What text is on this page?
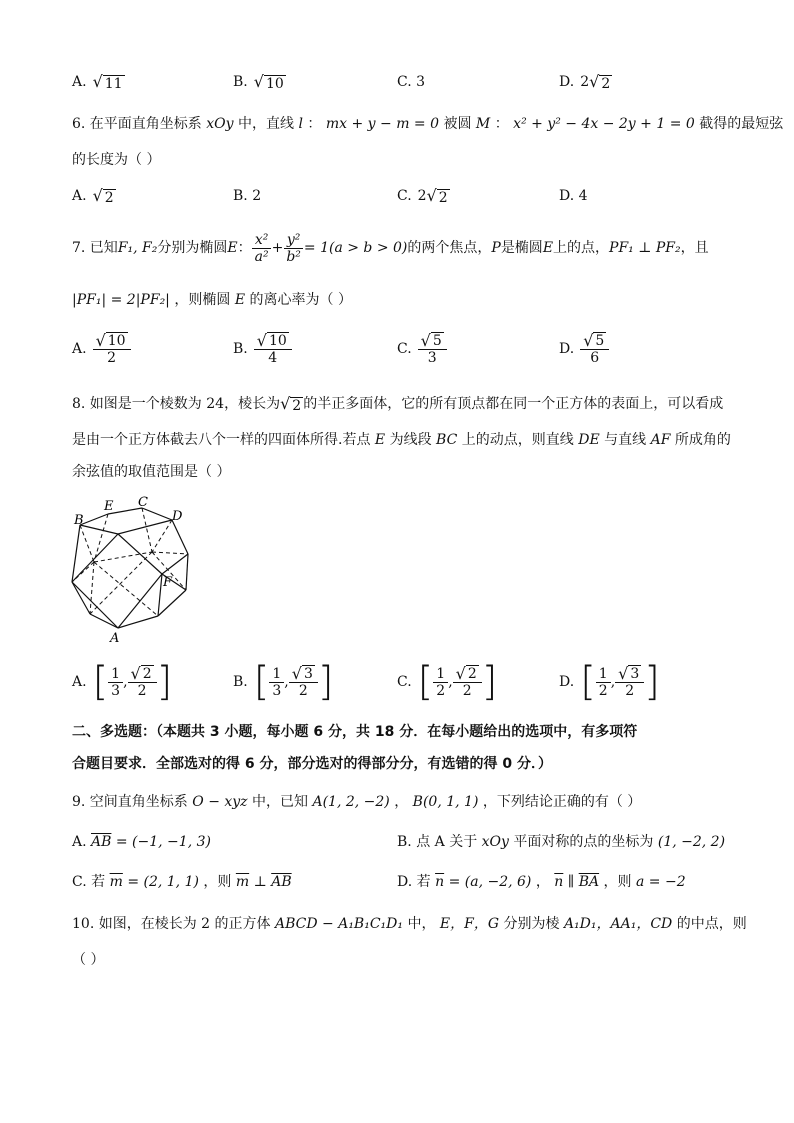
A. √ 11	B. √ 10	C. 3	D. 2 √ 2
6. 在平面直角坐标系 xOy 中，直线 l ： mx + y − m = 0 被圆 M ： x² + y² − 4x − 2y + 1 = 0 截得的最短弦
的长度为（ ）
A. √ 2	B. 2	C. 2 √ 2	D. 4
7. 已知 F₁, F₂ 分别为椭圆 E ： $\frac{\text{x²}}{\text{a²}} + \frac{\text{y²}}{\text{b²}} = 1(a > b > 0)$ 的两个焦点， P 是椭圆 E 上的点， PF₁ ⊥ PF₂ ，且
|PF₁| = 2|PF₂| ，则椭圆 E 的离心率为（ ）
A. $\frac{√ 10}{2}$	B. $\frac{√ 10}{4}$	C. $\frac{√ 5}{3}$	D. $\frac{√ 5}{6}$
8. 如图是一个棱数为 24，棱长为 √ 2 的半正多面体，它的所有顶点都在同一个正方体的表面上，可以看成
是由一个正方体截去八个一样的四面体所得.若点 E 为线段 BC 上的动点，则直线 DE 与直线 AF 所成角的
余弦值的取值范围是（ ）
B
E C
D
F
A
A. [ $\frac{1}{3}$ , $\frac{√ 2}{2}$ ]	B. [ $\frac{1}{3}$ , $\frac{√ 3}{2}$ ]	C. [ $\frac{1}{2}$ , $\frac{√ 2}{2}$ ]	D. [ $\frac{1}{2}$ , $\frac{√ 3}{2}$ ]
二、多选题：（本题共 3 小题，每小题 6 分，共 18 分．在每小题给出的选项中，有多项符
合题目要求．全部选对的得 6 分，部分选对的得部分分，有选错的得 0 分．）
9. 空间直角坐标系 O − xyz 中，已知 A(1, 2, −2) ， B(0, 1, 1) ，下列结论正确的有（ ）
A. $\overline{AB} = (-1$, −1, 3)	B. 点 A 关于 xOy 平面对称的点的坐标为 (1, −2, 2)
C. 若 $\overline{m} = (2$, 1, 1) ，则 $\overline{m}$ ⊥ $\overline{AB}$	D. 若 $\overline{n} = (a$, −2, 6) ， $\overline{n}$ ∥ $\overline{BA}$ ，则 a = −2
10. 如图，在棱长为 2 的正方体 ABCD − A₁B₁C₁D₁ 中， E，F，G 分别为棱 A₁D₁，AA₁，CD 的中点，则
（ ）
